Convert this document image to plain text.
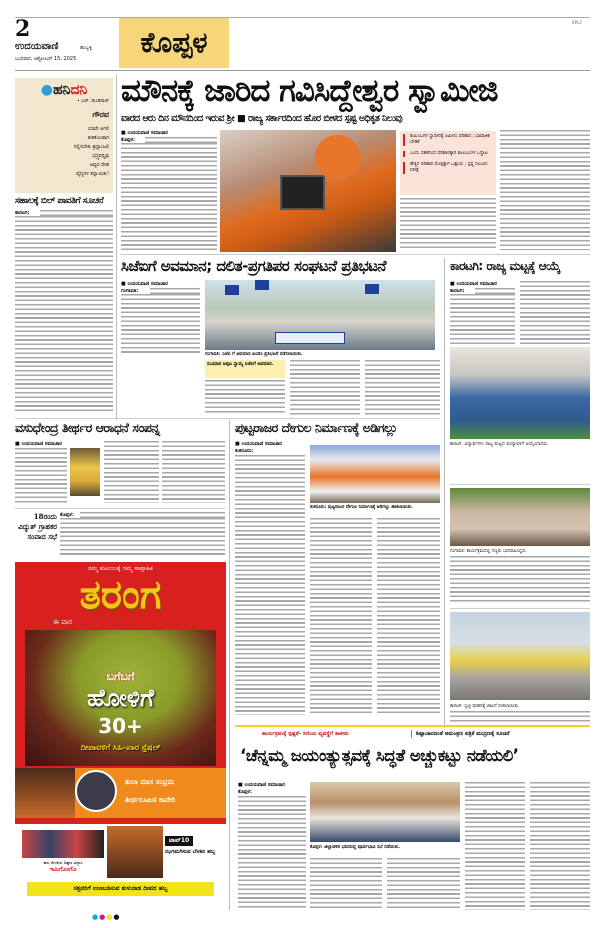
2
ಉದಯವಾಣಿ	ಹುಬ್ಬಳ್ಳಿ
ಬುಧವಾರ, ಅಕ್ಟೋಬರ್ 15, 2025 ಕೊಪ್ಪಳ
KPL2
●ಹನಿದನಿ
• ಎಚ್. ಡುಂಡಿರಾಜ್
ಗೌರವ
ಯಾರೇ ಆಗಲಿ
ತೀರಿಕೊಂಡಾಗ
ಸಲ್ಲಿಸಬೇಕು ಶ್ರದ್ಧಾಂಜಲಿ
ಭದ್ರ್ಯವಸ್ತ್ಯವು
ಅವ್ವನ ದೇಹ
ವೈದ್ಯಗಳ ತನ್ನಾಯಿತು!
ಸಹಾಲಕ್ಕೆ ಬಿಲ್ ಪಾವತಿಗೆ ಸೂಚನೆ
ಕಾರಟಗಿ:
ಮೌನಕ್ಕೆ ಜಾರಿದ ಗವಿಸಿದ್ದೇಶ್ವರ ಸ್ವಾಮೀಜಿ
ವಾರದ ಆರು ದಿನ ಮೌನದಿಂದ ಇರುವ ಶ್ರೀ ■ ರಾಜ್ಯ ಸರ್ಕಾರದಿಂದ ಹೊರ ಬೀಳದ ಸ್ಪಷ್ಟ ಅಧಿಕೃತ ನಿಲುವು
■ ಉದಯವಾಣಿ ಸಮಾಚಾರ
ಕೊಪ್ಪಳ:
ಕುಟುಂಬಗಳ ಸ್ವಾಧೀನಕ್ಕೆ ಜಮೀನು ಪರಿಹಾರ ; ಭಾವಾಜಿಕ ಬೇಡಿಕೆ
ಒಂದು ದಶಕದಿಂದ ಪರಿಹಾರಕ್ಕಾಗಿ ಕುಟುಂಬಗಳ ಒದ್ದಾಟ
ಹೆಚ್ಚಿನ ಪರಿಹಾರ ಮೊತ್ತಕ್ಕಾಗಿ ಒತ್ತಾಯ ; ಸ್ಪಷ್ಟ ನಿಲುವಿನ ನಿರೀಕ್ಷೆ
ಸಿಜೆಐಗೆ ಅವಮಾನ; ದಲಿತ-ಪ್ರಗತಿಪರ ಸಂಘಟನೆ ಪ್ರತಿಭಟನೆ
■ ಉದಯವಾಣಿ ಸಮಾಚಾರ
ಗಂಗಾವತಿ:
ಗಂಗಾವತಿ: ಸಿಜೆಐ ಗೆ ಅವಮಾನ ಖಂಡಿಸಿ ಪ್ರತಿಭಟನೆ ನಡೆಸಲಾಯಿತು.
ಸಂವಿಧಾನ ಅಪ್ಪಟ ಸ್ವಾಮ್ಯ ಸಿಜೆಐಗೆ ಅವಮಾನ.
ಕಾರಟಗಿ: ರಾಜ್ಯ ಮಟ್ಟಕ್ಕೆ ಆಯ್ಕೆ
■ ಉದಯವಾಣಿ ಸಮಾಚಾರ
ಕಾರಟಗಿ:
ಕಾರಟಗಿ: ವಿದ್ಯಾರ್ಥಿಗಳು ರಾಜ್ಯ ಮಟ್ಟದ ಪಂದ್ಯಾವಳಿಗೆ ಆಯ್ಕೆಯಾದರು.
ಗಂಗಾವತಿ: ಕಾರ್ಯಕ್ರಮದಲ್ಲಿ ಗಣ್ಯರು ಭಾಗವಹಿಸಿದ್ದರು.
ಕಾರಟಗಿ: ಸ್ವಚ್ಛ ವಾಹನಕ್ಕೆ ಚಾಲನೆ ನೀಡಲಾಯಿತು.
ವಸುಧೇಂದ್ರ ತೀರ್ಥರ ಆರಾಧನೆ ಸಂಪನ್ನ
■ ಉದಯವಾಣಿ ಸಮಾಚಾರ
18ರಂದು ವಿದ್ಯುತ್ ಗ್ರಾಹಕರ ಸಂವಾದ ಸಭೆ
ಕೊಪ್ಪಳ:
ನಮ್ಮ ಕುಟುಂಬಕ್ಕೆ ನಮ್ಮ ಸಾಪ್ತಾಹಿಕ
ತರಂಗ
ಈ ವಾರ
ಬಗೆಬಗೆ
ಹೋಳಿಗೆ
30+
ದೀಪಾವಳಿಗೆ ಸಿಹಿ-ಖಾರ ಸ್ಪೆಷಲ್
ತುಲಾ ಮಾಸ ಸಂಭ್ರಮ
ತೀರ್ಥರೂಪಿಣಿ ಕಾವೇರಿ
ಹಸು ಸೆಗಣಿಯ ಚಿತ್ತಾರ ವಿನ್ಯಾಸ
ಇಮಿಗೊಂಗೊ
ಟಾಪ್10
ಝಗಮಗಿಸುವ ಬೆಳಕಿನ ಹಬ್ಬ
ಸತ್ತವರಿಗೆ ಉಣಬಡಿಸುವ ತುಳುನಾಡ ದೀಪದ ಹಬ್ಬ
ಪುಟ್ಟರಾಜರ ದೇಗುಲ ನಿರ್ಮಾಣಕ್ಕೆ ಅಡಿಗಲ್ಲು
■ ಉದಯವಾಣಿ ಸಮಾಚಾರ
ಕುಕನೂರು:
ಕುಕನೂರು: ಪುಟ್ಟರಾಜರ ದೇಗುಲ ನಿರ್ಮಾಣಕ್ಕೆ ಅಡಿಗಲ್ಲು ಹಾಕಲಾಯಿತು.
ಕಾರ್ಯಕ್ರಮಕ್ಕೆ ಸ್ಪಷ್ಟತೆ- ಸೀನಿಯ ವ್ಯವಸ್ಥೆಗೆ ತಾಕೀತು	ಶಿಷ್ಟಾಚಾರದಂತೆ ಆಮಂತ್ರಣ ಪತ್ರಿಕೆ ಮುದ್ರಣಕ್ಕೆ ಸೂಚನೆ
‘ಚೆನ್ನಮ್ಮ ಜಯಂತ್ಯುತ್ಸವಕ್ಕೆ ಸಿದ್ಧತೆ ಅಚ್ಚುಕಟ್ಟು ನಡೆಯಲಿ’
■ ಉದಯವಾಣಿ ಸಮಾಚಾರ
ಕೊಪ್ಪಳ:
ಕೊಪ್ಪಳ: ಜಿಲ್ಲಾಡಳಿತ ಭವನದಲ್ಲಿ ಪೂರ್ವಭಾವಿ ಸಭೆ ನಡೆಯಿತು.
●●●●
